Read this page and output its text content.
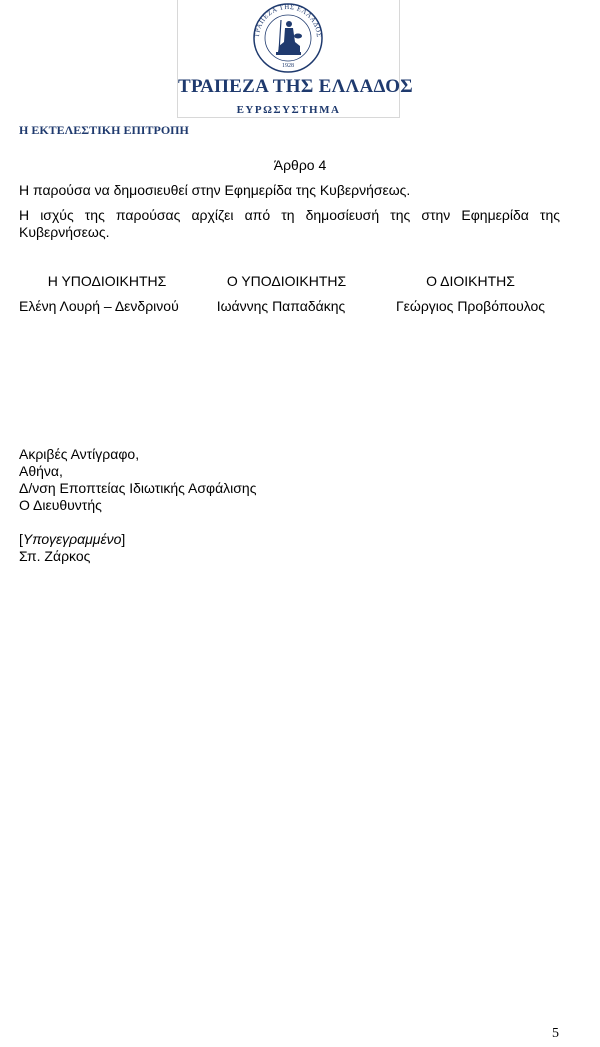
ΤΡΑΠΕΖΑ ΤΗΣ ΕΛΛΑΔΟΣ
1928
ΤΡΑΠΕΖΑ ΤΗΣ ΕΛΛΑΔΟΣ
ΕΥΡΩΣΥΣΤΗΜΑ
Η ΕΚΤΕΛΕΣΤΙΚΗ ΕΠΙΤΡΟΠΗ
Άρθρο 4
Η παρούσα να δημοσιευθεί στην Εφημερίδα της Κυβερνήσεως.
Η ισχύς της παρούσας αρχίζει από τη δημοσίευσή της στην Εφημερίδα της Κυβερνήσεως.
Η ΥΠΟΔΙΟΙΚΗΤΗΣ	Ο ΥΠΟΔΙΟΙΚΗΤΗΣ	Ο ΔΙΟΙΚΗΤΗΣ
Ελένη Λουρή – Δενδρινού	Ιωάννης Παπαδάκης	Γεώργιος Προβόπουλος
Ακριβές Αντίγραφο,
Αθήνα,
Δ/νση Εποπτείας Ιδιωτικής Ασφάλισης
Ο Διευθυντής
[Υπογεγραμμένο]
Σπ. Ζάρκος
5
